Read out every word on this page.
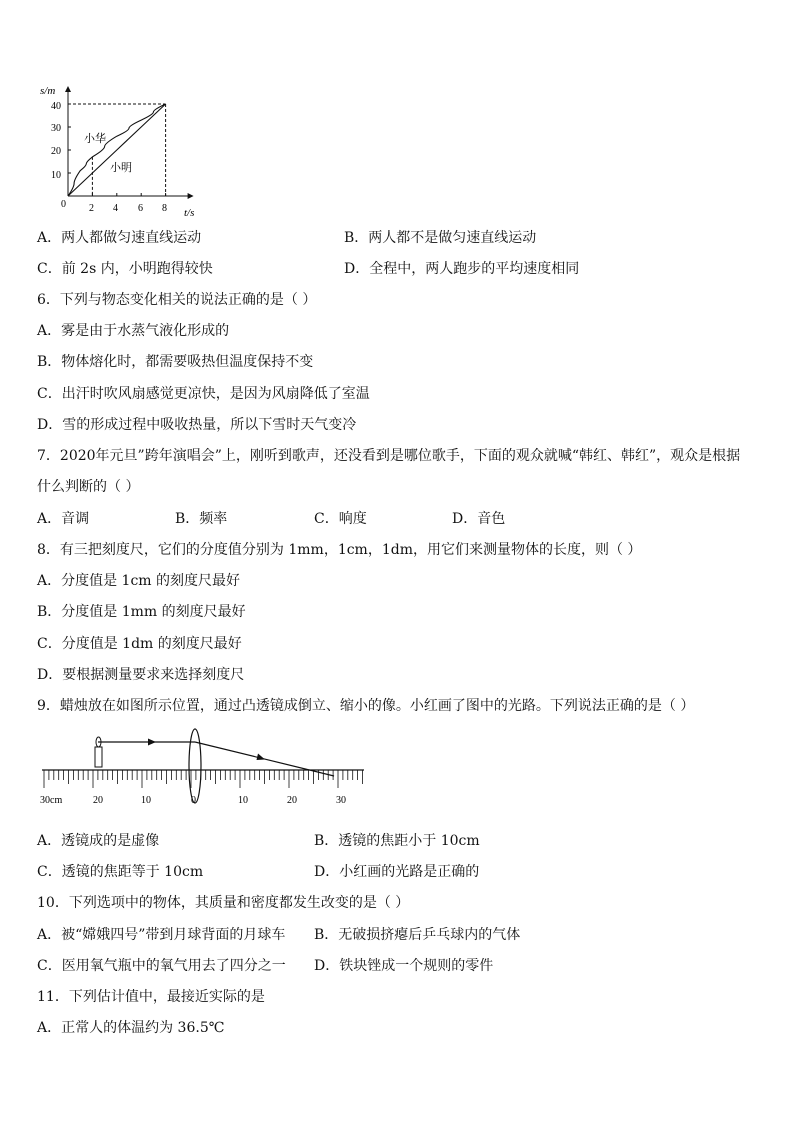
s/m
t/s
0
40
30
20
10
2 4 6 8
小华
小明
A．两人都做匀速直线运动	B．两人都不是做匀速直线运动
C．前 2s 内，小明跑得较快	D．全程中，两人跑步的平均速度相同
6．下列与物态变化相关的说法正确的是（ ）
A．雾是由于水蒸气液化形成的
B．物体熔化时，都需要吸热但温度保持不变
C．出汗时吹风扇感觉更凉快，是因为风扇降低了室温
D．雪的形成过程中吸收热量，所以下雪时天气变冷
7．2020年元旦”跨年演唱会”上，刚听到歌声，还没看到是哪位歌手，下面的观众就喊“韩红、韩红”，观众是根据
什么判断的（ ）
A．音调	B．频率	C．响度	D．音色
8．有三把刻度尺，它们的分度值分别为 1mm，1cm，1dm，用它们来测量物体的长度，则（ ）
A．分度值是 1cm 的刻度尺最好
B．分度值是 1mm 的刻度尺最好
C．分度值是 1dm 的刻度尺最好
D．要根据测量要求来选择刻度尺
9．蜡烛放在如图所示位置，通过凸透镜成倒立、缩小的像。小红画了图中的光路。下列说法正确的是（ ）
30cm	20	10	0	10	20	30
A．透镜成的是虚像	B．透镜的焦距小于 10cm
C．透镜的焦距等于 10cm	D．小红画的光路是正确的
10．下列选项中的物体，其质量和密度都发生改变的是（ ）
A．被“嫦娥四号”带到月球背面的月球车 B．无破损挤瘪后乒乓球内的气体
C．医用氧气瓶中的氧气用去了四分之一 D．铁块锉成一个规则的零件
11．下列估计值中，最接近实际的是
A．正常人的体温约为 36.5℃
